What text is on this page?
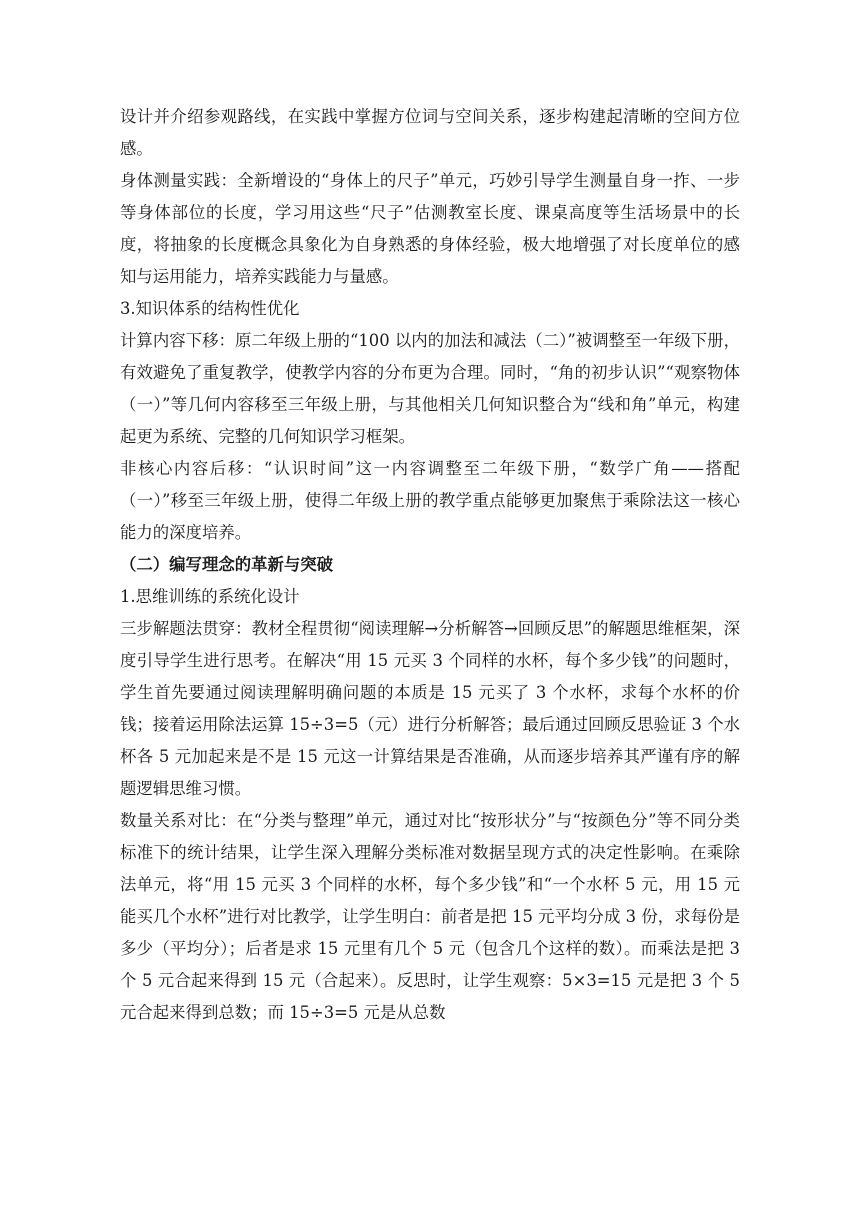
设计并介绍参观路线，在实践中掌握方位词与空间关系，逐步构建起清晰的空间方位感。

身体测量实践：全新增设的“身体上的尺子”单元，巧妙引导学生测量自身一拃、一步等身体部位的长度，学习用这些“尺子”估测教室长度、课桌高度等生活场景中的长度，将抽象的长度概念具象化为自身熟悉的身体经验，极大地增强了对长度单位的感知与运用能力，培养实践能力与量感。

3.知识体系的结构性优化

计算内容下移：原二年级上册的“100 以内的加法和减法（二）”被调整至一年级下册，有效避免了重复教学，使教学内容的分布更为合理。同时，“角的初步认识”“观察物体（一）”等几何内容移至三年级上册，与其他相关几何知识整合为“线和角”单元，构建起更为系统、完整的几何知识学习框架。

非核心内容后移：“认识时间”这一内容调整至二年级下册，“数学广角——搭配（一）”移至三年级上册，使得二年级上册的教学重点能够更加聚焦于乘除法这一核心能力的深度培养。

（二）编写理念的革新与突破

1.思维训练的系统化设计

三步解题法贯穿：教材全程贯彻“阅读理解→分析解答→回顾反思”的解题思维框架，深度引导学生进行思考。在解决“用 15 元买 3 个同样的水杯，每个多少钱”的问题时，学生首先要通过阅读理解明确问题的本质是 15 元买了 3 个水杯，求每个水杯的价钱；接着运用除法运算 15÷3=5（元）进行分析解答；最后通过回顾反思验证 3 个水杯各 5 元加起来是不是 15 元这一计算结果是否准确，从而逐步培养其严谨有序的解题逻辑思维习惯。

数量关系对比：在“分类与整理”单元，通过对比“按形状分”与“按颜色分”等不同分类标准下的统计结果，让学生深入理解分类标准对数据呈现方式的决定性影响。在乘除法单元，将“用 15 元买 3 个同样的水杯，每个多少钱”和“一个水杯 5 元，用 15 元能买几个水杯”进行对比教学，让学生明白：前者是把 15 元平均分成 3 份，求每份是多少（平均分）；后者是求 15 元里有几个 5 元（包含几个这样的数）。而乘法是把 3 个 5 元合起来得到 15 元（合起来）。反思时，让学生观察：5×3=15 元是把 3 个 5 元合起来得到总数；而 15÷3=5 元是从总数
